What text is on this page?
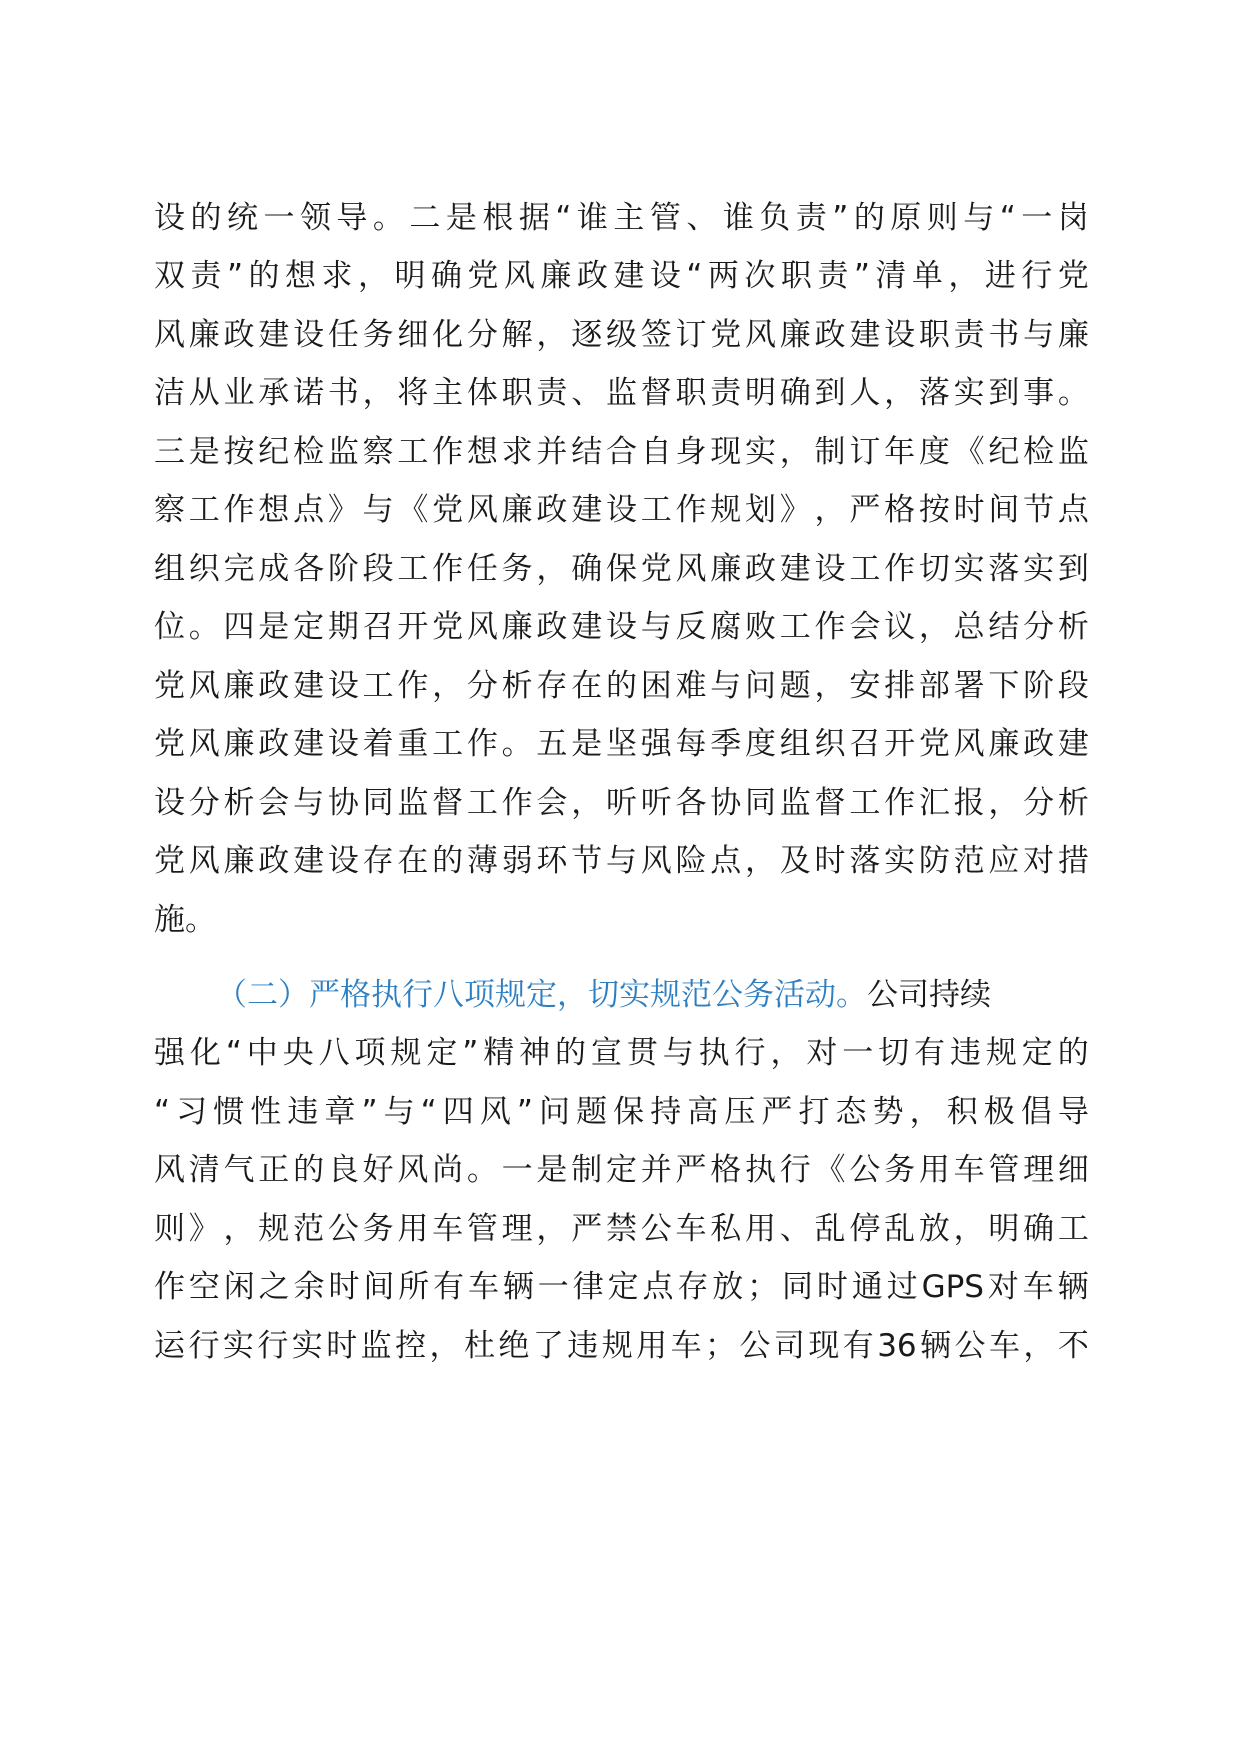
设 的 统 一 领 导 。 二 是 根 据 “ 谁 主 管 、 谁 负 责 ” 的 原 则 与 “ 一 岗
双 责 ” 的 想 求 ， 明 确 党 风 廉 政 建 设 “ 两 次 职 责 ” 清 单 ， 进 行 党
风 廉 政 建 设 任 务 细 化 分 解 ， 逐 级 签 订 党 风 廉 政 建 设 职 责 书 与 廉
洁 从 业 承 诺 书 ， 将 主 体 职 责 、 监 督 职 责 明 确 到 人 ， 落 实 到 事 。
三 是 按 纪 检 监 察 工 作 想 求 并 结 合 自 身 现 实 ， 制 订 年 度 《 纪 检 监
察 工 作 想 点 》 与 《 党 风 廉 政 建 设 工 作 规 划 》 ， 严 格 按 时 间 节 点
组 织 完 成 各 阶 段 工 作 任 务 ， 确 保 党 风 廉 政 建 设 工 作 切 实 落 实 到
位 。 四 是 定 期 召 开 党 风 廉 政 建 设 与 反 腐 败 工 作 会 议 ， 总 结 分 析
党 风 廉 政 建 设 工 作 ， 分 析 存 在 的 困 难 与 问 题 ， 安 排 部 署 下 阶 段
党 风 廉 政 建 设 着 重 工 作 。 五 是 坚 强 每 季 度 组 织 召 开 党 风 廉 政 建
设 分 析 会 与 协 同 监 督 工 作 会 ， 听 听 各 协 同 监 督 工 作 汇 报 ， 分 析
党 风 廉 政 建 设 存 在 的 薄 弱 环 节 与 风 险 点 ， 及 时 落 实 防 范 应 对 措
施。
（二）严格执行八项规定，切实规范公务活动。公司持续
强 化 “ 中 央 八 项 规 定 ” 精 神 的 宣 贯 与 执 行 ， 对 一 切 有 违 规 定 的
“ 习 惯 性 违 章 ” 与 “ 四 风 ” 问 题 保 持 高 压 严 打 态 势 ， 积 极 倡 导
风 清 气 正 的 良 好 风 尚 。 一 是 制 定 并 严 格 执 行 《 公 务 用 车 管 理 细
则 》 ， 规 范 公 务 用 车 管 理 ， 严 禁 公 车 私 用 、 乱 停 乱 放 ， 明 确 工
作 空 闲 之 余 时 间 所 有 车 辆 一 律 定 点 存 放 ； 同 时 通 过 GPS 对 车 辆
运 行 实 行 实 时 监 控 ， 杜 绝 了 违 规 用 车 ； 公 司 现 有 36 辆 公 车 ， 不
